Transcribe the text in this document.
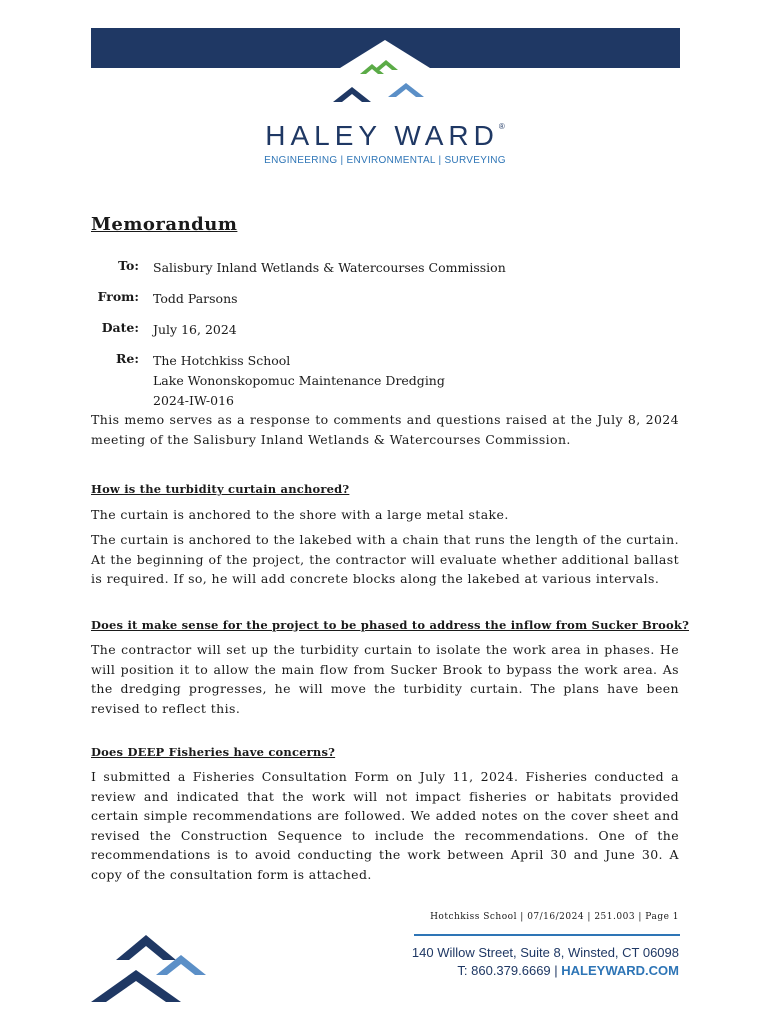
HALEY WARD®
ENGINEERING | ENVIRONMENTAL | SURVEYING
Memorandum
To:	Salisbury Inland Wetlands & Watercourses Commission
From:	Todd Parsons
Date:	July 16, 2024
Re:	The Hotchkiss School
Lake Wononskopomuc Maintenance Dredging
2024-IW-016

This memo serves as a response to comments and questions raised at the July 8, 2024 meeting of the Salisbury Inland Wetlands & Watercourses Commission.

How is the turbidity curtain anchored?

The curtain is anchored to the shore with a large metal stake.

The curtain is anchored to the lakebed with a chain that runs the length of the curtain. At the beginning of the project, the contractor will evaluate whether additional ballast is required. If so, he will add concrete blocks along the lakebed at various intervals.

Does it make sense for the project to be phased to address the inflow from Sucker Brook?

The contractor will set up the turbidity curtain to isolate the work area in phases. He will position it to allow the main flow from Sucker Brook to bypass the work area. As the dredging progresses, he will move the turbidity curtain. The plans have been revised to reflect this.

Does DEEP Fisheries have concerns?

I submitted a Fisheries Consultation Form on July 11, 2024. Fisheries conducted a review and indicated that the work will not impact fisheries or habitats provided certain simple recommendations are followed. We added notes on the cover sheet and revised the Construction Sequence to include the recommendations. One of the recommendations is to avoid conducting the work between April 30 and June 30. A copy of the consultation form is attached.

Hotchkiss School | 07/16/2024 | 251.003 | Page 1
140 Willow Street, Suite 8, Winsted, CT 06098
T: 860.379.6669 | HALEYWARD.COM
